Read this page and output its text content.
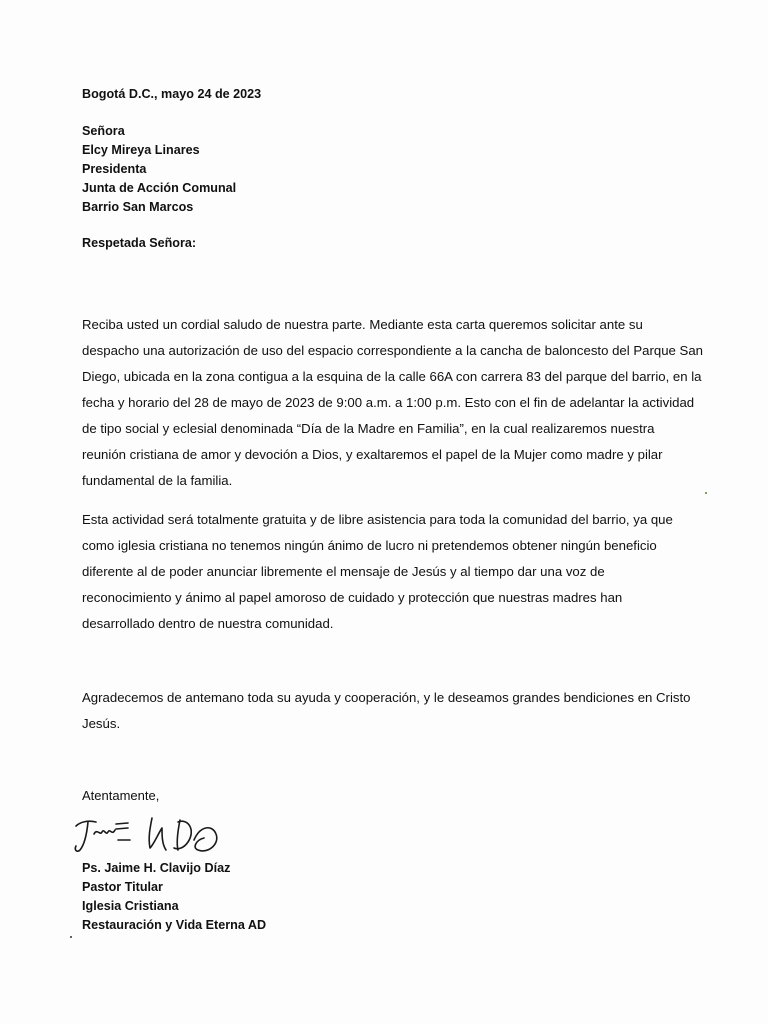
Bogotá D.C., mayo 24 de 2023
Señora
Elcy Mireya Linares
Presidenta
Junta de Acción Comunal
Barrio San Marcos
Respetada Señora:
Reciba usted un cordial saludo de nuestra parte. Mediante esta carta queremos solicitar ante su
despacho una autorización de uso del espacio correspondiente a la cancha de baloncesto del Parque San
Diego, ubicada en la zona contigua a la esquina de la calle 66A con carrera 83 del parque del barrio, en la
fecha y horario del 28 de mayo de 2023 de 9:00 a.m. a 1:00 p.m. Esto con el fin de adelantar la actividad
de tipo social y eclesial denominada “Día de la Madre en Familia”, en la cual realizaremos nuestra
reunión cristiana de amor y devoción a Dios, y exaltaremos el papel de la Mujer como madre y pilar
fundamental de la familia.
Esta actividad será totalmente gratuita y de libre asistencia para toda la comunidad del barrio, ya que
como iglesia cristiana no tenemos ningún ánimo de lucro ni pretendemos obtener ningún beneficio
diferente al de poder anunciar libremente el mensaje de Jesús y al tiempo dar una voz de
reconocimiento y ánimo al papel amoroso de cuidado y protección que nuestras madres han
desarrollado dentro de nuestra comunidad.
Agradecemos de antemano toda su ayuda y cooperación, y le deseamos grandes bendiciones en Cristo
Jesús.
Atentamente,
Ps. Jaime H. Clavijo Díaz
Pastor Titular
Iglesia Cristiana
Restauración y Vida Eterna AD
